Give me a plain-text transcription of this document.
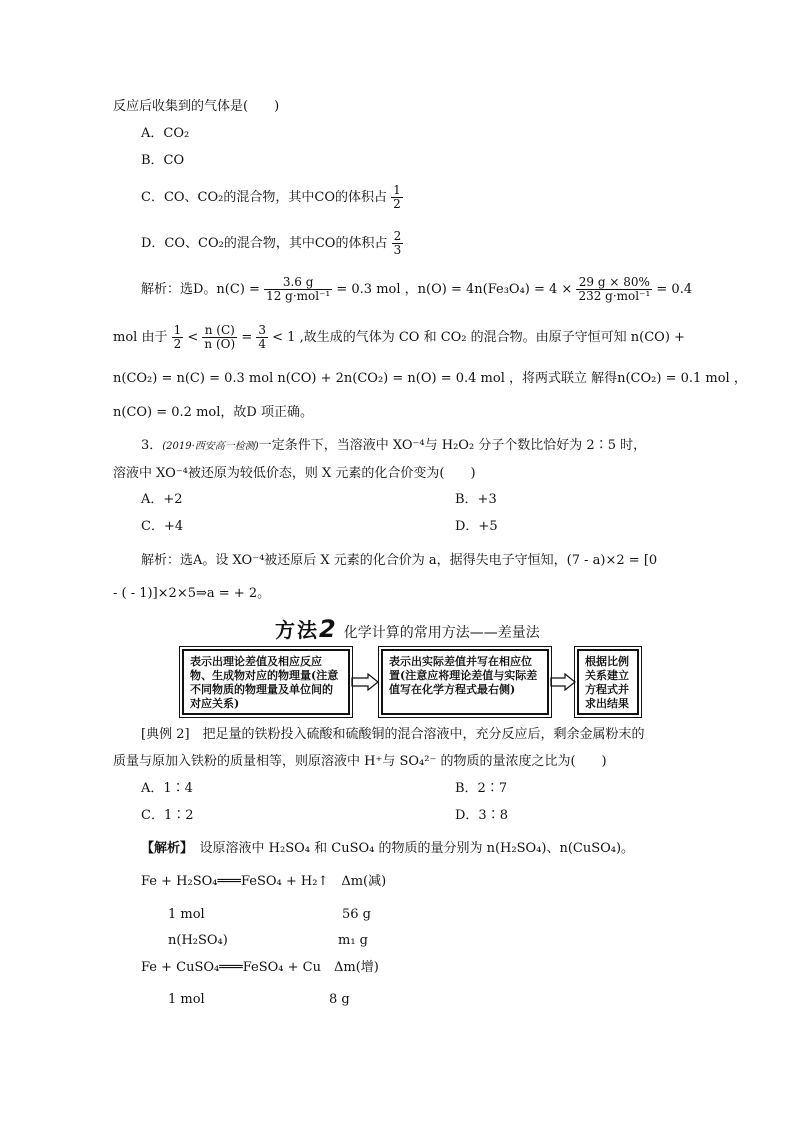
反应后收集到的气体是(　　)
A．CO₂
B．CO
C．CO、CO₂的混合物，其中CO的体积占 $\frac{1}{2}$
D．CO、CO₂的混合物，其中CO的体积占 $\frac{2}{3}$
解析：选D。$n(C) = \frac{3.6 g}{\text{12 g·mol⁻¹}} = 0.3$ mol ，$n(O) = 4n(Fe_3O_4) = 4 \times \frac{29 g \times 80\%}{\text{232 g·mol⁻¹}} = 0.4$
mol 由于 $\frac{1}{2} < \frac{n (C)}{n (O)} = \frac{3}{4} < 1$ ,故生成的气体为 CO 和 CO₂ 的混合物。由原子守恒可知 n(CO) +
n(CO₂) = n(C) = 0.3 mol n(CO) + 2n(CO₂) = n(O) = 0.4 mol ，将两式联立 解得n(CO₂) = 0.1 mol ，
n(CO) = 0.2 mol，故D 项正确。
3．(2019·西安高一检测)一定条件下，当溶液中 XO⁻⁴与 H₂O₂ 分子个数比恰好为 2∶5 时，
溶液中 XO⁻⁴被还原为较低价态，则 X 元素的化合价变为(　　)
A．+2	B．+3
C．+4	D．+5
解析：选A。设 XO⁻⁴被还原后 X 元素的化合价为 a，据得失电子守恒知，(7 - a)×2 = [0
- ( - 1)]×2×5⇒a = + 2。
方法2 化学计算的常用方法——差量法
表示出理论差值及相应反应物、生成物对应的物理量(注意不同物质的物理量及单位间的对应关系)
表示出实际差值并写在相应位置(注意应将理论差值与实际差值写在化学方程式最右侧)
根据比例关系建立方程式并求出结果
[典例 2]　把足量的铁粉投入硫酸和硫酸铜的混合溶液中，充分反应后，剩余金属粉末的
质量与原加入铁粉的质量相等，则原溶液中 H⁺与 SO₄²⁻ 的物质的量浓度之比为(　　)
A．1∶4	B．2∶7
C．1∶2	D．3∶8
【解析】　 设原溶液中 H₂SO₄ 和 CuSO₄ 的物质的量分别为 n(H₂SO₄)、n(CuSO₄)。
Fe + H₂SO₄═══FeSO₄ + H₂↑　Δm(减)
1 mol	56 g
n(H₂SO₄)	m₁ g
Fe + CuSO₄═══FeSO₄ + Cu　Δm(增)
1 mol	8 g
